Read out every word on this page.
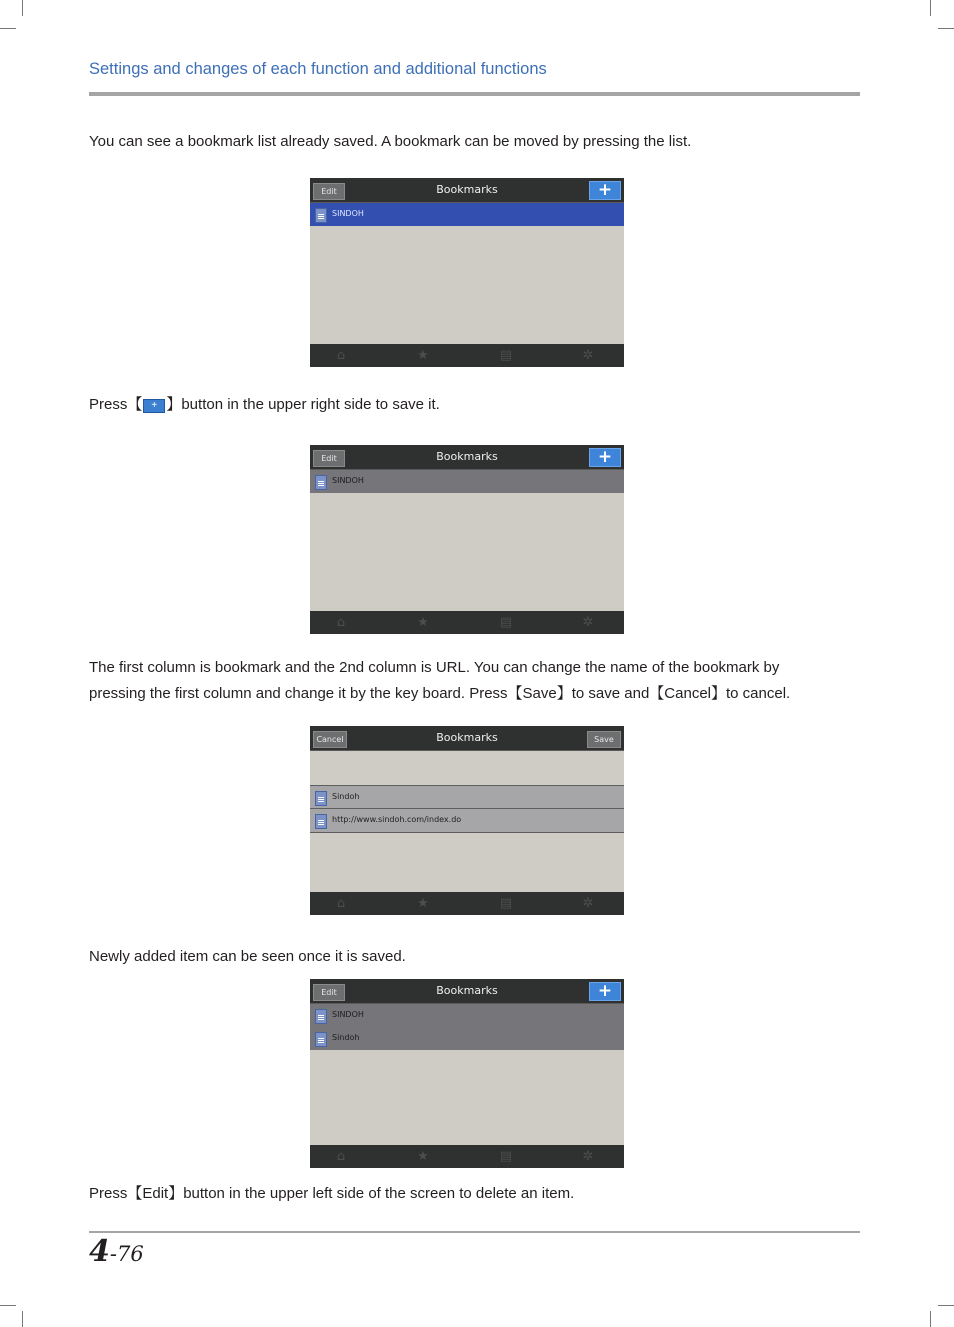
Settings and changes of each function and additional functions
You can see a bookmark list already saved. A bookmark can be moved by pressing the list.
Edit	Bookmarks	+
SINDOH
⌂	★	▤	✲
Press【 + 】button in the upper right side to save it.
Edit	Bookmarks	+
SINDOH
⌂	★	▤	✲
The first column is bookmark and the 2nd column is URL. You can change the name of the bookmark by
pressing the first column and change it by the key board. Press【Save】to save and【Cancel】to cancel.
Cancel	Bookmarks	Save
Sindoh
http://www.sindoh.com/index.do
⌂	★	▤	✲
Newly added item can be seen once it is saved.
Edit	Bookmarks	+
SINDOH
Sindoh
⌂	★	▤	✲
Press【Edit】button in the upper left side of the screen to delete an item.
4-76
